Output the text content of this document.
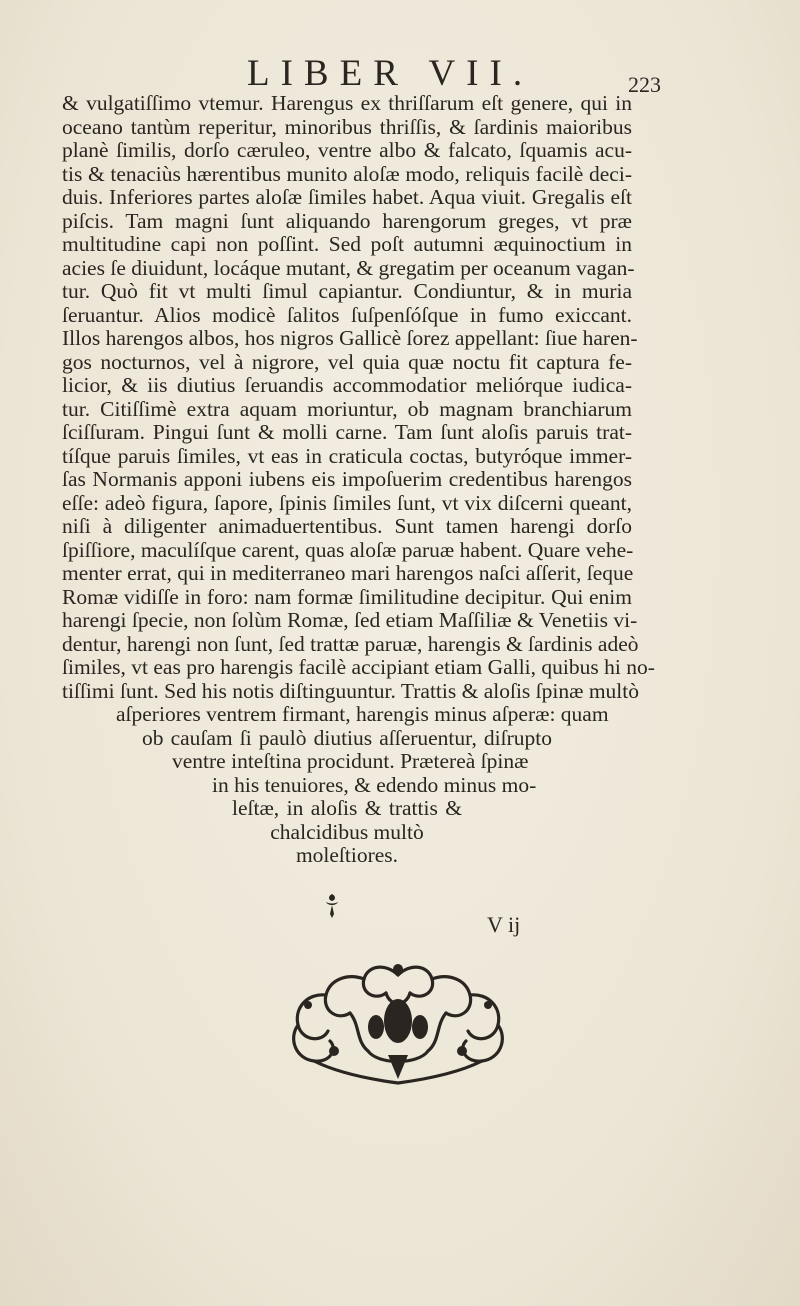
LIBER VII.	223
& vulgatiſſimo vtemur. Harengus ex thriſſarum eſt genere, qui in
oceano tantùm reperitur, minoribus thriſſis, & ſardinis maioribus
planè ſimilis, dorſo cæruleo, ventre albo & falcato, ſquamis acu-
tis & tenaciùs hærentibus munito aloſæ modo, reliquis facilè deci-
duis. Inferiores partes aloſæ ſimiles habet. Aqua viuit. Gregalis eſt
piſcis. Tam magni ſunt aliquando harengorum greges, vt præ
multitudine capi non poſſint. Sed poſt autumni æquinoctium in
acies ſe diuidunt, locáque mutant, & gregatim per oceanum vagan-
tur. Quò fit vt multi ſimul capiantur. Condiuntur, & in muria
ſeruantur. Alios modicè ſalitos ſuſpenſóſque in fumo exiccant.
Illos harengos albos, hos nigros Gallicè ſorez appellant: ſiue haren-
gos nocturnos, vel à nigrore, vel quia quæ noctu fit captura fe-
licior, & iis diutius ſeruandis accommodatior meliórque iudica-
tur. Citiſſimè extra aquam moriuntur, ob magnam branchiarum
ſciſſuram. Pingui ſunt & molli carne. Tam ſunt aloſis paruis trat-
tíſque paruis ſimiles, vt eas in craticula coctas, butyróque immer-
ſas Normanis apponi iubens eis impoſuerim credentibus harengos
eſſe: adeò figura, ſapore, ſpinis ſimiles ſunt, vt vix diſcerni queant,
niſi à diligenter animaduertentibus. Sunt tamen harengi dorſo
ſpiſſiore, maculíſque carent, quas aloſæ paruæ habent. Quare vehe-
menter errat, qui in mediterraneo mari harengos naſci aſſerit, ſeque
Romæ vidiſſe in foro: nam formæ ſimilitudine decipitur. Qui enim
harengi ſpecie, non ſolùm Romæ, ſed etiam Maſſiliæ & Venetiis vi-
dentur, harengi non ſunt, ſed trattæ paruæ, harengis & ſardinis adeò
ſimiles, vt eas pro harengis facilè accipiant etiam Galli, quibus hi no-
tiſſimi ſunt. Sed his notis diſtinguuntur. Trattis & aloſis ſpinæ multò
aſperiores ventrem firmant, harengis minus aſperæ: quam
ob cauſam ſi paulò diutius aſſeruentur, diſrupto
ventre inteſtina procidunt. Prætereà ſpinæ
in his tenuiores, & edendo minus mo-
leſtæ, in aloſis & trattis &
chalcidibus multò
moleſtiores.
V ij
